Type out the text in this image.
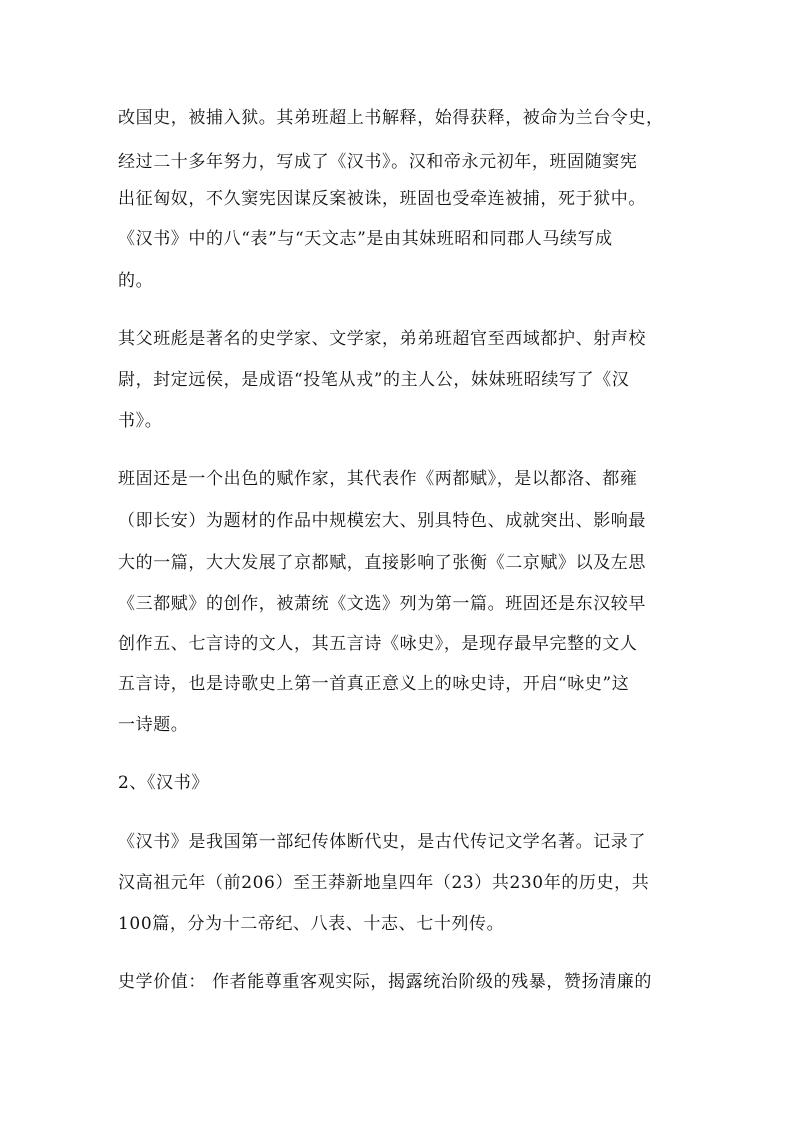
改国史，被捕入狱。其弟班超上书解释，始得获释，被命为兰台令史，

经过二十多年努力，写成了《汉书》。汉和帝永元初年，班固随窦宪

出征匈奴，不久窦宪因谋反案被诛，班固也受牵连被捕，死于狱中。

《汉书》中的八“表”与“天文志”是由其妹班昭和同郡人马续写成

的。

其父班彪是著名的史学家、文学家，弟弟班超官至西域都护、射声校

尉，封定远侯，是成语“投笔从戎”的主人公，妹妹班昭续写了《汉

书》。

班固还是一个出色的赋作家，其代表作《两都赋》，是以都洛、都雍

（即长安）为题材的作品中规模宏大、别具特色、成就突出、影响最

大的一篇，大大发展了京都赋，直接影响了张衡《二京赋》以及左思

《三都赋》的创作，被萧统《文选》列为第一篇。班固还是东汉较早

创作五、七言诗的文人，其五言诗《咏史》，是现存最早完整的文人

五言诗，也是诗歌史上第一首真正意义上的咏史诗，开启“咏史”这

一诗题。

2、《汉书》

《汉书》是我国第一部纪传体断代史，是古代传记文学名著。记录了

汉高祖元年（前206）至王莽新地皇四年（23）共230年的历史，共

100篇，分为十二帝纪、八表、十志、七十列传。

史学价值： 作者能尊重客观实际，揭露统治阶级的残暴，赞扬清廉的
